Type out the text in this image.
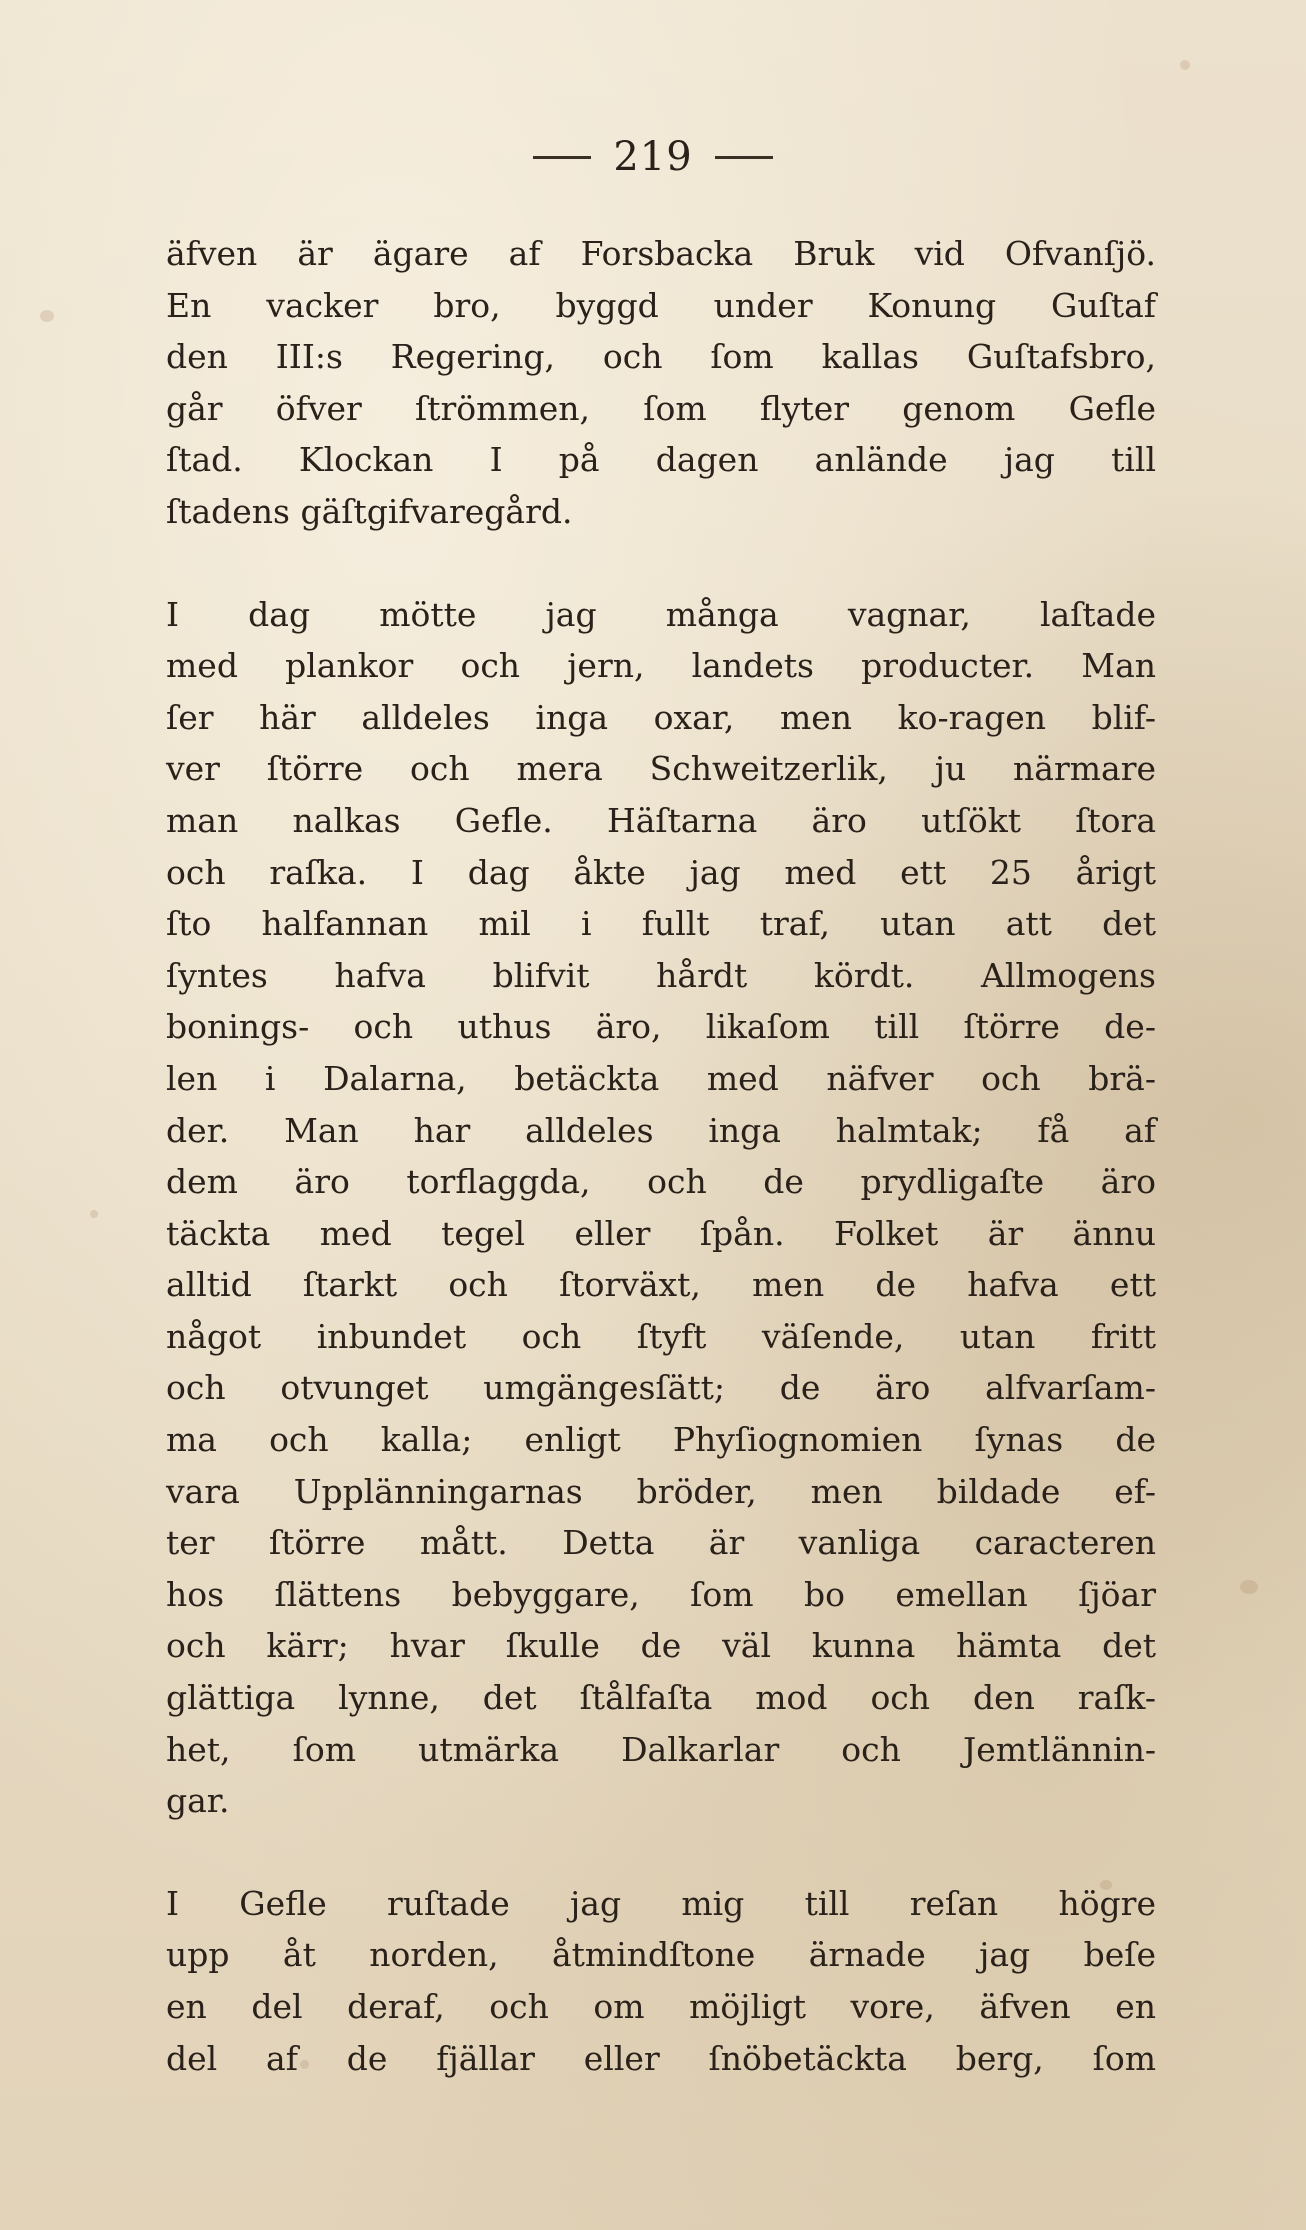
219
äfven är ägare af Forsbacka Bruk vid Ofvanſjö.
En vacker bro, byggd under Konung Guſtaf
den III:s Regering, och ſom kallas Guſtafsbro,
går öfver ſtrömmen, ſom flyter genom Gefle
ſtad. Klockan I på dagen anlände jag till
ſtadens gäſtgifvaregård.
I dag mötte jag många vagnar, laſtade
med plankor och jern, landets producter. Man
ſer här alldeles inga oxar, men ko-ragen blif-
ver ſtörre och mera Schweitzerlik, ju närmare
man nalkas Gefle. Häſtarna äro utſökt ſtora
och raſka. I dag åkte jag med ett 25 årigt
ſto halfannan mil i fullt traf, utan att det
ſyntes hafva blifvit hårdt kördt. Allmogens
bonings- och uthus äro, likaſom till ſtörre de-
len i Dalarna, betäckta med näfver och brä-
der. Man har alldeles inga halmtak; få af
dem äro torflaggda, och de prydligaſte äro
täckta med tegel eller ſpån. Folket är ännu
alltid ſtarkt och ſtorväxt, men de hafva ett
något inbundet och ſtyft väſende, utan fritt
och otvunget umgängesſätt; de äro alfvarſam-
ma och kalla; enligt Phyſiognomien ſynas de
vara Upplänningarnas bröder, men bildade ef-
ter ſtörre mått. Detta är vanliga caracteren
hos ſlättens bebyggare, ſom bo emellan ſjöar
och kärr; hvar ſkulle de väl kunna hämta det
glättiga lynne, det ſtålfaſta mod och den raſk-
het, ſom utmärka Dalkarlar och Jemtlännin-
gar.
I Gefle ruſtade jag mig till reſan högre
upp åt norden, åtmindſtone ärnade jag beſe
en del deraf, och om möjligt vore, äfven en
del af de fjällar eller ſnöbetäckta berg, ſom
